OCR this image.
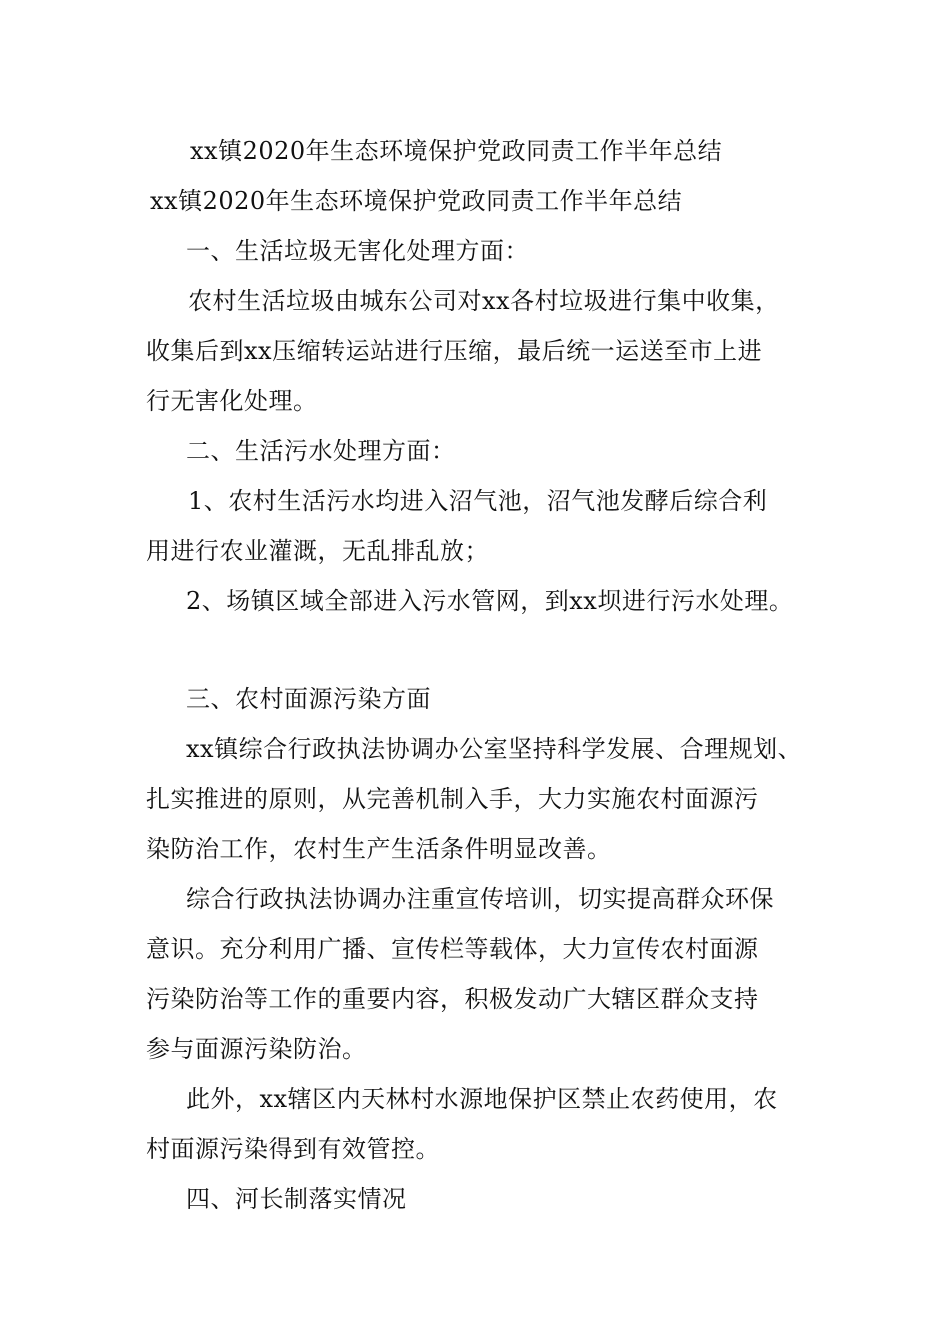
xx镇2020年生态环境保护党政同责工作半年总结
xx镇2020年生态环境保护党政同责工作半年总结
一、生活垃圾无害化处理方面：
农村生活垃圾由城东公司对xx各村垃圾进行集中收集，
收集后到xx压缩转运站进行压缩，最后统一运送至市上进
行无害化处理。
二、生活污水处理方面：
1、农村生活污水均进入沼气池，沼气池发酵后综合利
用进行农业灌溉，无乱排乱放；
2、场镇区域全部进入污水管网，到xx坝进行污水处理。
三、农村面源污染方面
xx镇综合行政执法协调办公室坚持科学发展、合理规划、
扎实推进的原则，从完善机制入手，大力实施农村面源污
染防治工作，农村生产生活条件明显改善。
综合行政执法协调办注重宣传培训，切实提高群众环保
意识。充分利用广播、宣传栏等载体，大力宣传农村面源
污染防治等工作的重要内容，积极发动广大辖区群众支持
参与面源污染防治。
此外，xx辖区内天林村水源地保护区禁止农药使用，农
村面源污染得到有效管控。
四、河长制落实情况
